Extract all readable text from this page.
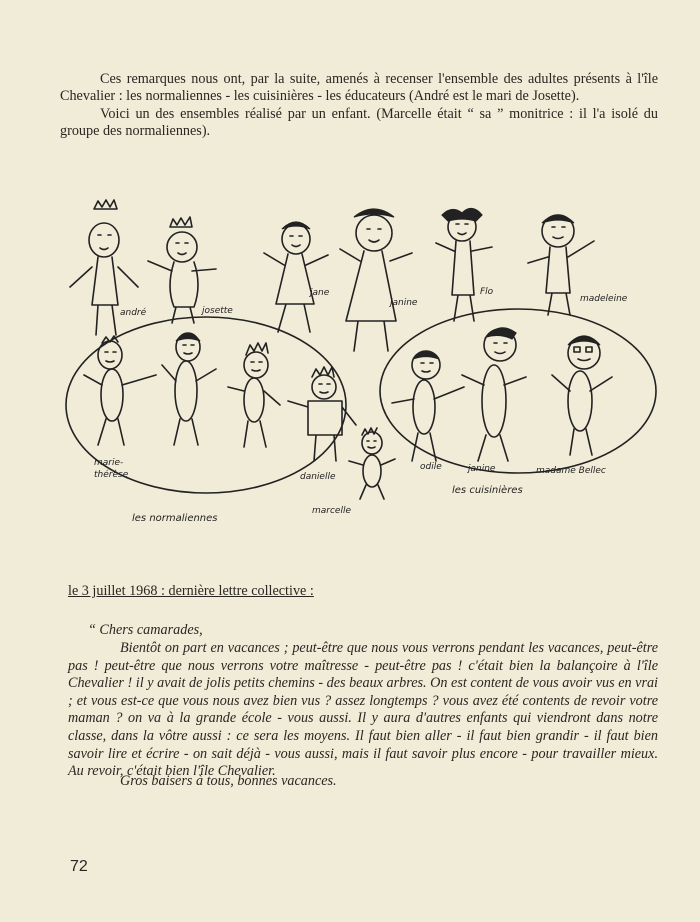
Ces remarques nous ont, par la suite, amenés à recenser l'ensemble des adultes présents à l'île Chevalier : les normaliennes - les cuisinières - les éducateurs (André est le mari de Josette).

Voici un des ensembles réalisé par un enfant. (Marcelle était “ sa ” monitrice : il l'a isolé du groupe des normaliennes).

andré	josette
jane
janine
Flo
madeleine
marie-
thérèse	danielle
les normaliennes
marcelle
odile	janine	madame Bellec
les cuisinières

le 3 juillet 1968 : dernière lettre collective :

“ Chers camarades,

Bientôt on part en vacances ; peut-être que nous vous verrons pendant les vacances, peut-être pas ! peut-être que nous verrons votre maîtresse - peut-être pas ! c'était bien la balançoire à l'île Chevalier ! il y avait de jolis petits chemins - des beaux arbres. On est content de vous avoir vus en vrai ; et vous est-ce que vous nous avez bien vus ? assez longtemps ? vous avez été contents de revoir votre maman ? on va à la grande école - vous aussi. Il y aura d'autres enfants qui viendront dans notre classe, dans la vôtre aussi : ce sera les moyens. Il faut bien aller - il faut bien grandir - il faut bien savoir lire et écrire - on sait déjà - vous aussi, mais il faut savoir plus encore - pour travailler mieux. Au revoir, c'était bien l'île Chevalier.

Gros baisers à tous, bonnes vacances.

72
